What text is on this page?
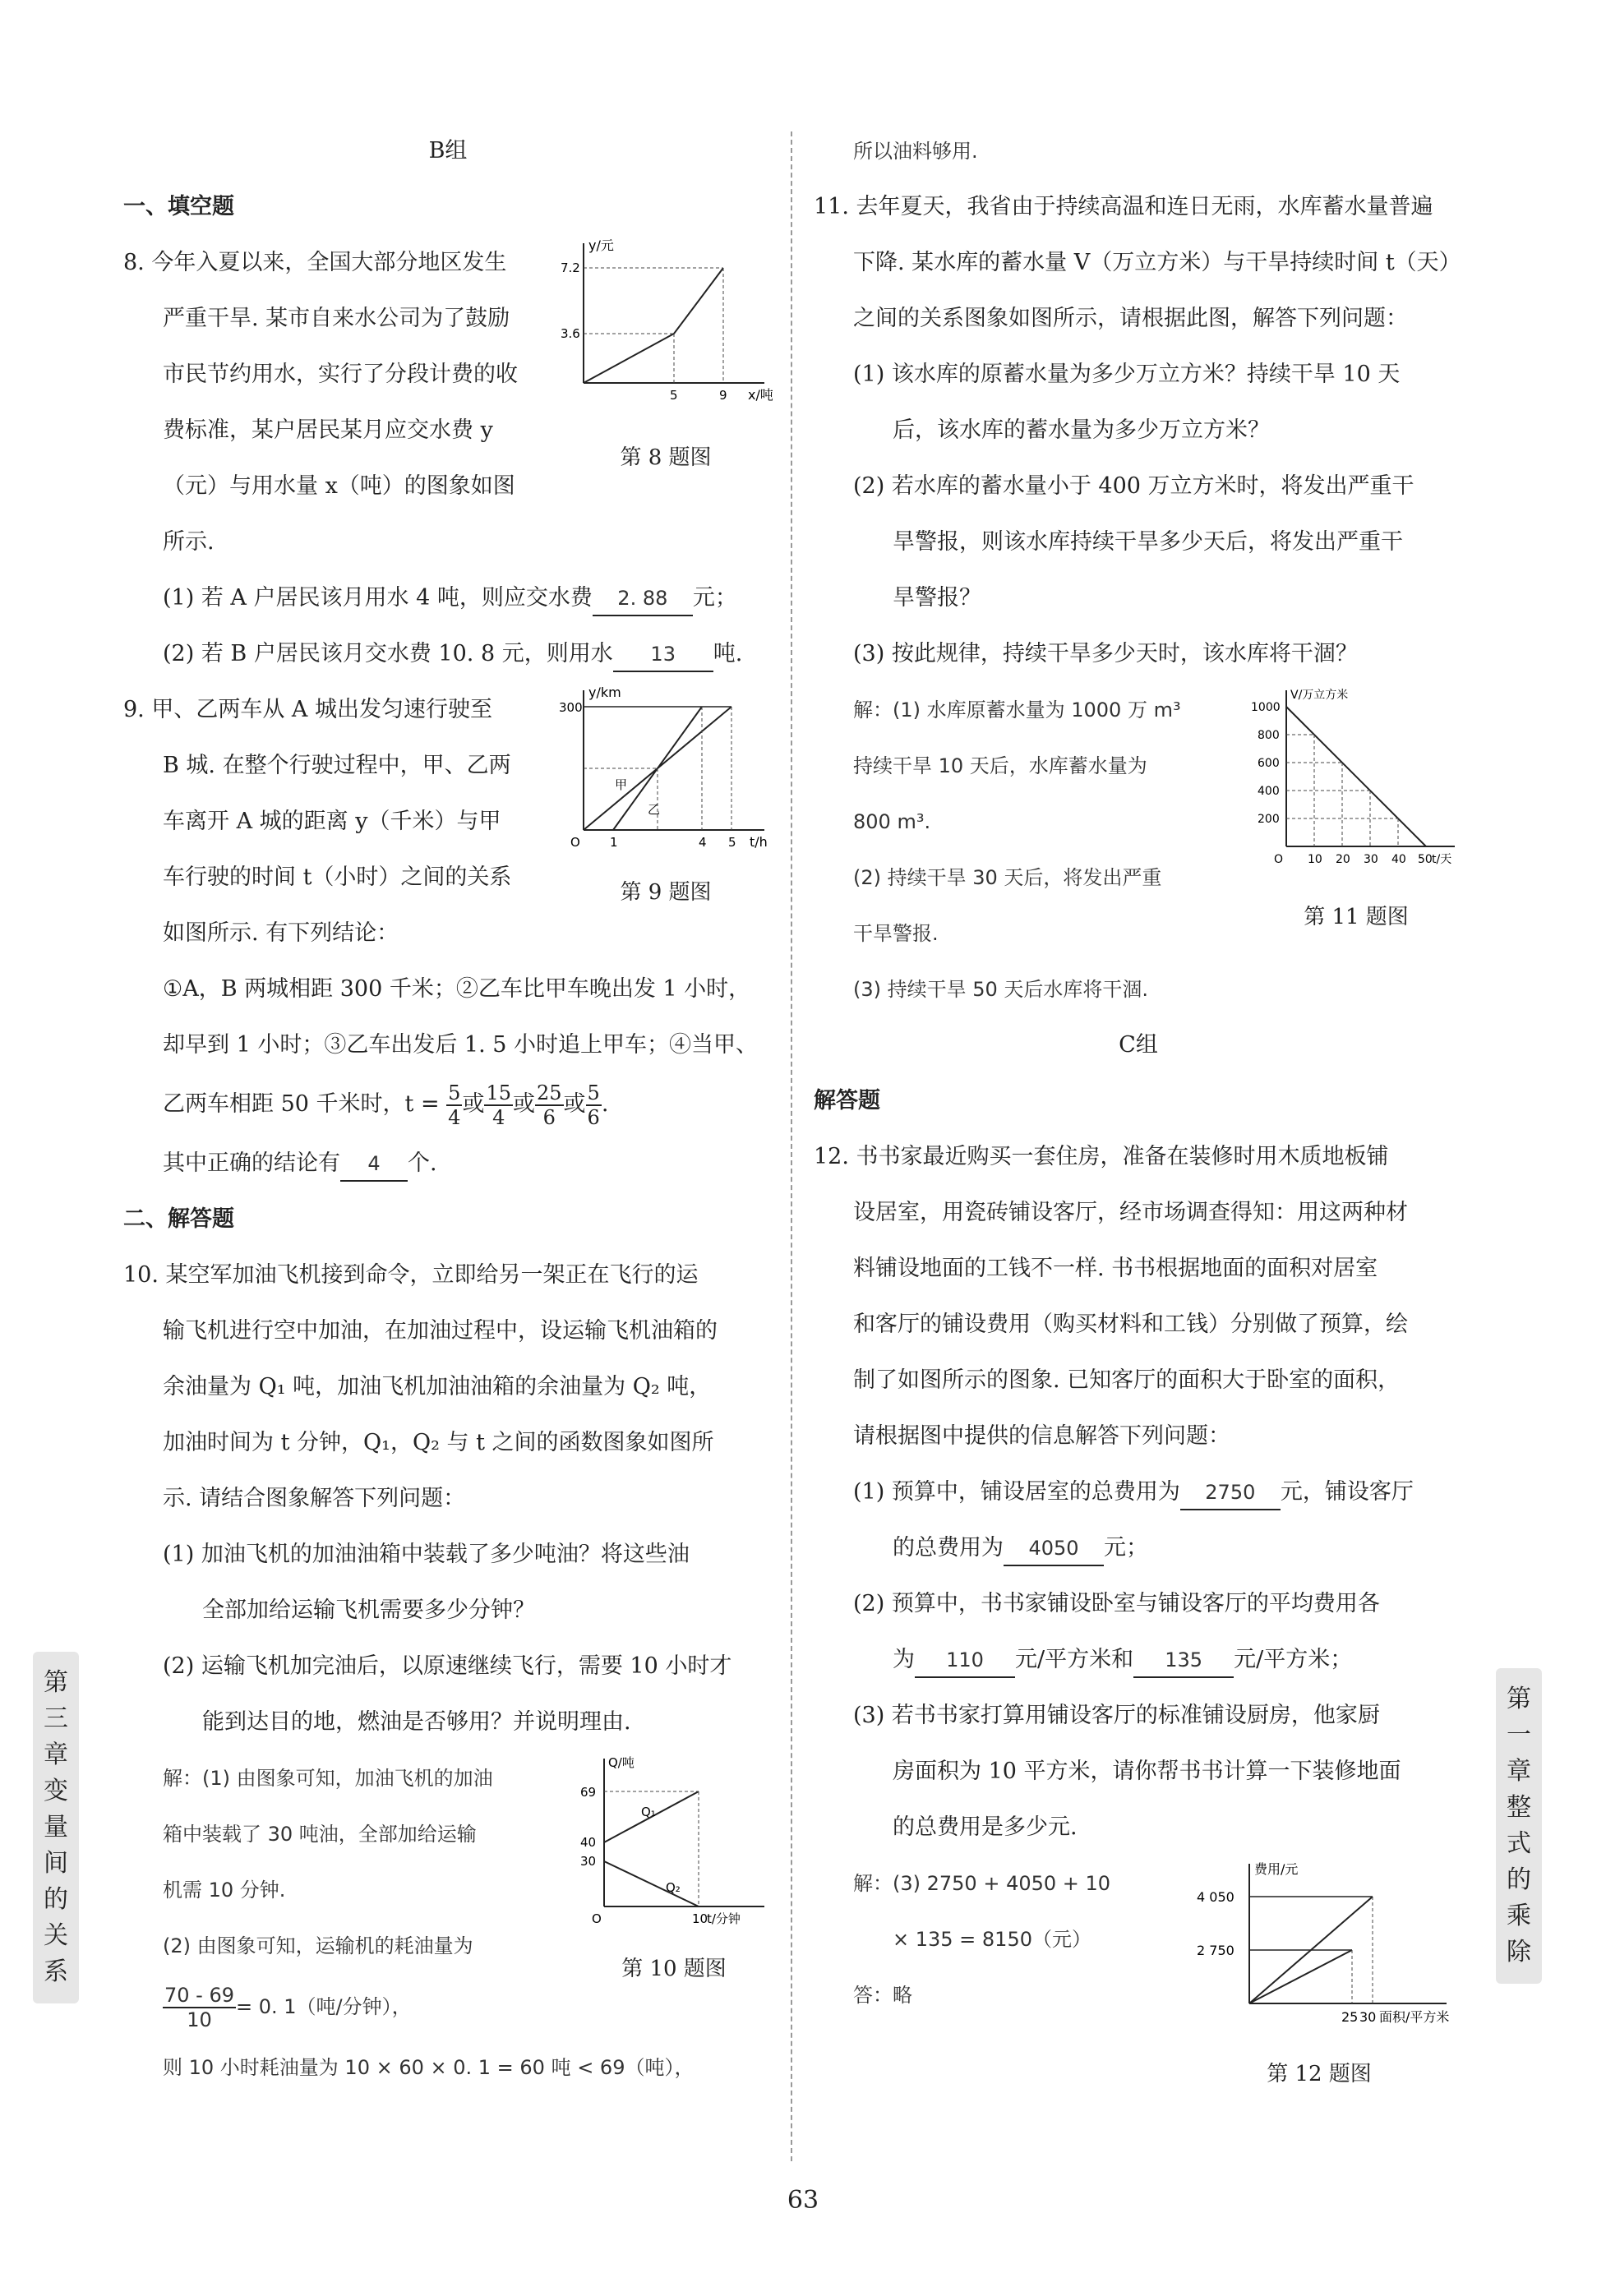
B组

一、填空题

y/元
x/吨
3.6
7.2
5	9
第 8 题图

8. 今年入夏以来，全国大部分地区发生

严重干旱. 某市自来水公司为了鼓励

市民节约用水，实行了分段计费的收

费标准，某户居民某月应交水费 y

（元）与用水量 x（吨）的图象如图

所示.

(1) 若 A 户居民该月用水 4 吨，则应交水费 2. 88 元；

(2) 若 B 户居民该月交水费 10. 8 元，则用水 13 吨.

y/km
t/h
300
O 1	4 5
甲
乙
第 9 题图

9. 甲、乙两车从 A 城出发匀速行驶至

B 城. 在整个行驶过程中，甲、乙两

车离开 A 城的距离 y（千米）与甲

车行驶的时间 t（小时）之间的关系

如图所示. 有下列结论：

①A，B 两城相距 300 千米；②乙车比甲车晚出发 1 小时，

却早到 1 小时；③乙车出发后 1. 5 小时追上甲车；④当甲、

乙两车相距 50 千米时，$t = \frac{5}{4}$ 或 $\frac{15}{4}$ 或 $\frac{25}{6}$ 或 $\frac{5}{6}$ .

其中正确的结论有 4 个.

二、解答题

10. 某空军加油飞机接到命令，立即给另一架正在飞行的运

输飞机进行空中加油，在加油过程中，设运输飞机油箱的

余油量为 Q₁ 吨，加油飞机加油油箱的余油量为 Q₂ 吨，

加油时间为 t 分钟，Q₁，Q₂ 与 t 之间的函数图象如图所

示. 请结合图象解答下列问题：

(1) 加油飞机的加油油箱中装载了多少吨油？将这些油

全部加给运输飞机需要多少分钟？

(2) 运输飞机加完油后，以原速继续飞行，需要 10 小时才

能到达目的地，燃油是否够用？并说明理由.

Q/吨
t/分钟
69
40
30
O	10
Q₁
Q₂
第 10 题图

解：(1) 由图象可知，加油飞机的加油

箱中装载了 30 吨油，全部加给运输

机需 10 分钟.

(2) 由图象可知，运输机的耗油量为

$\frac{70 - 69}{10} = 0$. 1（吨/分钟），

则 10 小时耗油量为 10 × 60 × 0. 1 = 60 吨 < 69（吨），

所以油料够用.

11. 去年夏天，我省由于持续高温和连日无雨，水库蓄水量普遍

下降. 某水库的蓄水量 V（万立方米）与干旱持续时间 t（天）

之间的关系图象如图所示，请根据此图，解答下列问题：

(1) 该水库的原蓄水量为多少万立方米？持续干旱 10 天

后，该水库的蓄水量为多少万立方米？

(2) 若水库的蓄水量小于 400 万立方米时，将发出严重干

旱警报，则该水库持续干旱多少天后，将发出严重干

旱警报？

(3) 按此规律，持续干旱多少天时，该水库将干涸？

V/万立方米
t/天
1000
800
600
400
200
O 10 20 30 40 50
第 11 题图

解：(1) 水库原蓄水量为 1000 万 m³

持续干旱 10 天后，水库蓄水量为

800 m³.

(2) 持续干旱 30 天后，将发出严重

干旱警报.

(3) 持续干旱 50 天后水库将干涸.

C组

解答题

12. 书书家最近购买一套住房，准备在装修时用木质地板铺

设居室，用瓷砖铺设客厅，经市场调查得知：用这两种材

料铺设地面的工钱不一样. 书书根据地面的面积对居室

和客厅的铺设费用（购买材料和工钱）分别做了预算，绘

制了如图所示的图象. 已知客厅的面积大于卧室的面积，

请根据图中提供的信息解答下列问题：

(1) 预算中，铺设居室的总费用为 2750 元，铺设客厅

的总费用为 4050 元；

(2) 预算中，书书家铺设卧室与铺设客厅的平均费用各

为 110 元/平方米和 135 元/平方米；

(3) 若书书家打算用铺设客厅的标准铺设厨房，他家厨

房面积为 10 平方米，请你帮书书计算一下装修地面

的总费用是多少元.

费用/元
面积/平方米
4 050
2 750
25 30
第 12 题图

解：(3) 2750 + 4050 + 10

× 135 = 8150（元）

答：略

第
三
章
变
量
间
的
关
系
第
一
章
整
式
的
乘
除
63
